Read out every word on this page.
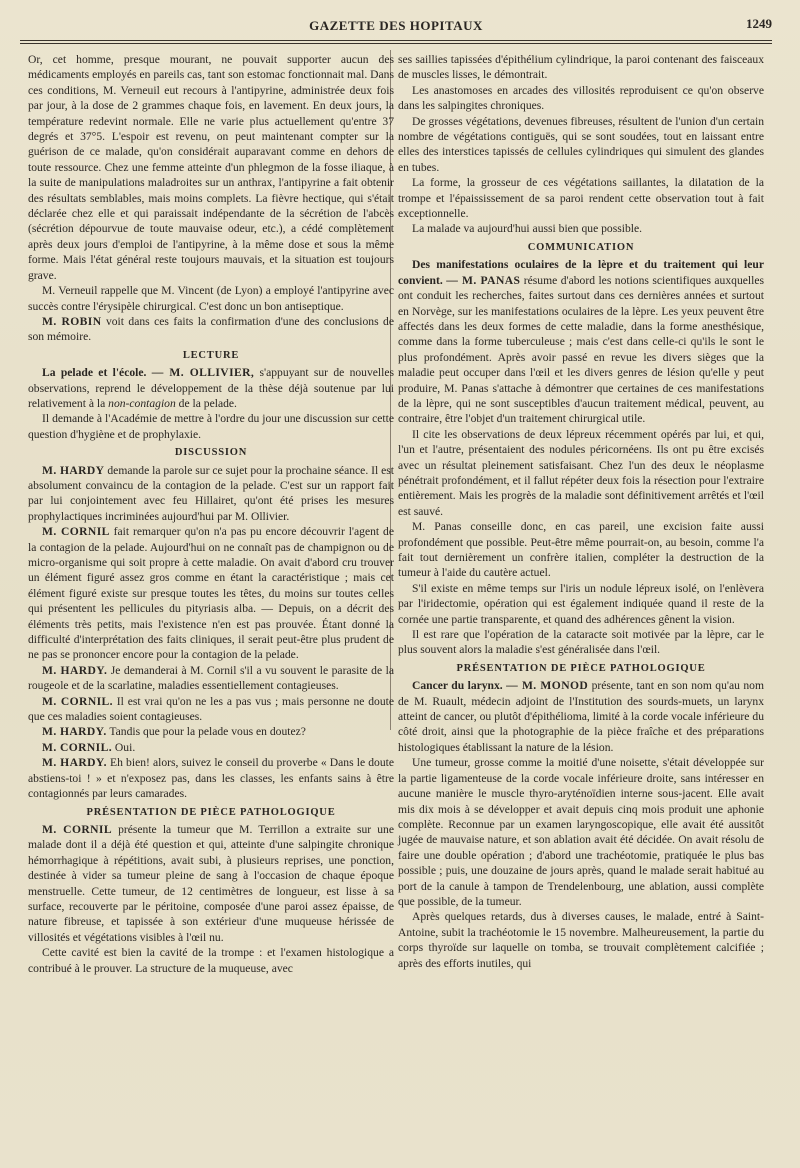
GAZETTE DES HOPITAUX	1249

Or, cet homme, presque mourant, ne pouvait supporter aucun des médicaments employés en pareils cas, tant son estomac fonctionnait mal. Dans ces conditions, M. Verneuil eut recours à l'antipyrine, administrée deux fois par jour, à la dose de 2 grammes chaque fois, en lavement. En deux jours, la température redevint normale. Elle ne varie plus actuellement qu'entre 37 degrés et 37°5. L'espoir est revenu, on peut maintenant compter sur la guérison de ce malade, qu'on considérait auparavant comme en dehors de toute ressource. Chez une femme atteinte d'un phlegmon de la fosse iliaque, à la suite de manipulations maladroites sur un anthrax, l'antipyrine a fait obtenir des résultats semblables, mais moins complets. La fièvre hectique, qui s'était déclarée chez elle et qui paraissait indépendante de la sécrétion de l'abcès (sécrétion dépourvue de toute mauvaise odeur, etc.), a cédé complètement après deux jours d'emploi de l'antipyrine, à la même dose et sous la même forme. Mais l'état général reste toujours mauvais, et la situation est toujours grave.

M. Verneuil rappelle que M. Vincent (de Lyon) a employé l'antipyrine avec succès contre l'érysipèle chirurgical. C'est donc un bon antiseptique.

M. ROBIN voit dans ces faits la confirmation d'une des conclusions de son mémoire.

LECTURE

La pelade et l'école. — M. OLLIVIER, s'appuyant sur de nouvelles observations, reprend le développement de la thèse déjà soutenue par lui relativement à la non-contagion de la pelade.

Il demande à l'Académie de mettre à l'ordre du jour une discussion sur cette question d'hygiène et de prophylaxie.

DISCUSSION

M. HARDY demande la parole sur ce sujet pour la prochaine séance. Il est absolument convaincu de la contagion de la pelade. C'est sur un rapport fait par lui conjointement avec feu Hillairet, qu'ont été prises les mesures prophylactiques incriminées aujourd'hui par M. Ollivier.

M. CORNIL fait remarquer qu'on n'a pas pu encore découvrir l'agent de la contagion de la pelade. Aujourd'hui on ne connaît pas de champignon ou de micro-organisme qui soit propre à cette maladie. On avait d'abord cru trouver un élément figuré assez gros comme en étant la caractéristique ; mais cet élément figuré existe sur presque toutes les têtes, du moins sur toutes celles qui présentent les pellicules du pityriasis alba. — Depuis, on a décrit des éléments très petits, mais l'existence n'en est pas prouvée. Étant donné la difficulté d'interprétation des faits cliniques, il serait peut-être plus prudent de ne pas se prononcer encore pour la contagion de la pelade.

M. HARDY. Je demanderai à M. Cornil s'il a vu souvent le parasite de la rougeole et de la scarlatine, maladies essentiellement contagieuses.

M. CORNIL. Il est vrai qu'on ne les a pas vus ; mais personne ne doute que ces maladies soient contagieuses.

M. HARDY. Tandis que pour la pelade vous en doutez?

M. CORNIL. Oui.

M. HARDY. Eh bien! alors, suivez le conseil du proverbe « Dans le doute abstiens-toi ! » et n'exposez pas, dans les classes, les enfants sains à être contagionnés par leurs camarades.

PRÉSENTATION DE PIÈCE PATHOLOGIQUE

M. CORNIL présente la tumeur que M. Terrillon a extraite sur une malade dont il a déjà été question et qui, atteinte d'une salpingite chronique hémorrhagique à répétitions, avait subi, à plusieurs reprises, une ponction, destinée à vider sa tumeur pleine de sang à l'occasion de chaque époque menstruelle. Cette tumeur, de 12 centimètres de longueur, est lisse à sa surface, recouverte par le péritoine, composée d'une paroi assez épaisse, de nature fibreuse, et tapissée à son extérieur d'une muqueuse hérissée de villosités et végétations visibles à l'œil nu.

Cette cavité est bien la cavité de la trompe : et l'examen histologique a contribué à le prouver. La structure de la muqueuse, avec

ses saillies tapissées d'épithélium cylindrique, la paroi contenant des faisceaux de muscles lisses, le démontrait.

Les anastomoses en arcades des villosités reproduisent ce qu'on observe dans les salpingites chroniques.

De grosses végétations, devenues fibreuses, résultent de l'union d'un certain nombre de végétations contiguës, qui se sont soudées, tout en laissant entre elles des interstices tapissés de cellules cylindriques qui simulent des glandes en tubes.

La forme, la grosseur de ces végétations saillantes, la dilatation de la trompe et l'épaississement de sa paroi rendent cette observation tout à fait exceptionnelle.

La malade va aujourd'hui aussi bien que possible.

COMMUNICATION

Des manifestations oculaires de la lèpre et du traitement qui leur convient. — M. PANAS résume d'abord les notions scientifiques auxquelles ont conduit les recherches, faites surtout dans ces dernières années et surtout en Norvège, sur les manifestations oculaires de la lèpre. Les yeux peuvent être affectés dans les deux formes de cette maladie, dans la forme anesthésique, comme dans la forme tuberculeuse ; mais c'est dans celle-ci qu'ils le sont le plus profondément. Après avoir passé en revue les divers sièges que la maladie peut occuper dans l'œil et les divers genres de lésion qu'elle y peut produire, M. Panas s'attache à démontrer que certaines de ces manifestations de la lèpre, qui ne sont susceptibles d'aucun traitement médical, peuvent, au contraire, être l'objet d'un traitement chirurgical utile.

Il cite les observations de deux lépreux récemment opérés par lui, et qui, l'un et l'autre, présentaient des nodules péricornéens. Ils ont pu être excisés avec un résultat pleinement satisfaisant. Chez l'un des deux le néoplasme pénétrait profondément, et il fallut répéter deux fois la résection pour l'extraire entièrement. Mais les progrès de la maladie sont définitivement arrêtés et l'œil est sauvé.

M. Panas conseille donc, en cas pareil, une excision faite aussi profondément que possible. Peut-être même pourrait-on, au besoin, comme l'a fait tout dernièrement un confrère italien, compléter la destruction de la tumeur à l'aide du cautère actuel.

S'il existe en même temps sur l'iris un nodule lépreux isolé, on l'enlèvera par l'iridectomie, opération qui est également indiquée quand il reste de la cornée une partie transparente, et quand des adhérences gênent la vision.

Il est rare que l'opération de la cataracte soit motivée par la lèpre, car le plus souvent alors la maladie s'est généralisée dans l'œil.

PRÉSENTATION DE PIÈCE PATHOLOGIQUE

Cancer du larynx. — M. MONOD présente, tant en son nom qu'au nom de M. Ruault, médecin adjoint de l'Institution des sourds-muets, un larynx atteint de cancer, ou plutôt d'épithélioma, limité à la corde vocale inférieure du côté droit, ainsi que la photographie de la pièce fraîche et des préparations histologiques établissant la nature de la lésion.

Une tumeur, grosse comme la moitié d'une noisette, s'était développée sur la partie ligamenteuse de la corde vocale inférieure droite, sans intéresser en aucune manière le muscle thyro-aryténoïdien interne sous-jacent. Elle avait mis dix mois à se développer et avait depuis cinq mois produit une aphonie complète. Reconnue par un examen laryngoscopique, elle avait été aussitôt jugée de mauvaise nature, et son ablation avait été décidée. On avait résolu de faire une double opération ; d'abord une trachéotomie, pratiquée le plus bas possible ; puis, une douzaine de jours après, quand le malade serait habitué au port de la canule à tampon de Trendelenbourg, une ablation, aussi complète que possible, de la tumeur.

Après quelques retards, dus à diverses causes, le malade, entré à Saint-Antoine, subit la trachéotomie le 15 novembre. Malheureusement, la partie du corps thyroïde sur laquelle on tomba, se trouvait complètement calcifiée ; après des efforts inutiles, qui
